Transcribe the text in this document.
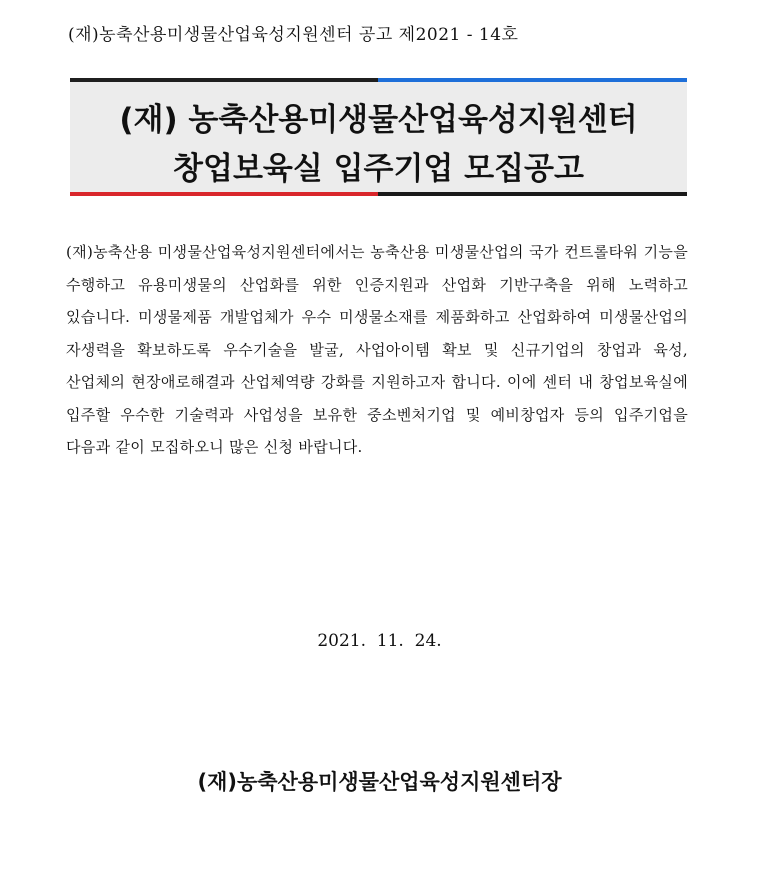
(재)농축산용미생물산업육성지원센터 공고 제2021 - 14호
(재) 농축산용미생물산업육성지원센터
창업보육실 입주기업 모집공고
(재)농축산용 미생물산업육성지원센터에서는 농축산용 미생물산업의 국가 컨트롤타워 기능을 수행하고 유용미생물의 산업화를 위한 인증지원과 산업화 기반구축을 위해 노력하고 있습니다. 미생물제품 개발업체가 우수 미생물소재를 제품화하고 산업화하여 미생물산업의 자생력을 확보하도록 우수기술을 발굴, 사업아이템 확보 및 신규기업의 창업과 육성, 산업체의 현장애로해결과 산업체역량 강화를 지원하고자 합니다. 이에 센터 내 창업보육실에 입주할 우수한 기술력과 사업성을 보유한 중소벤처기업 및 예비창업자 등의 입주기업을 다음과 같이 모집하오니 많은 신청 바랍니다.
2021.  11.  24.
(재)농축산용미생물산업육성지원센터장
